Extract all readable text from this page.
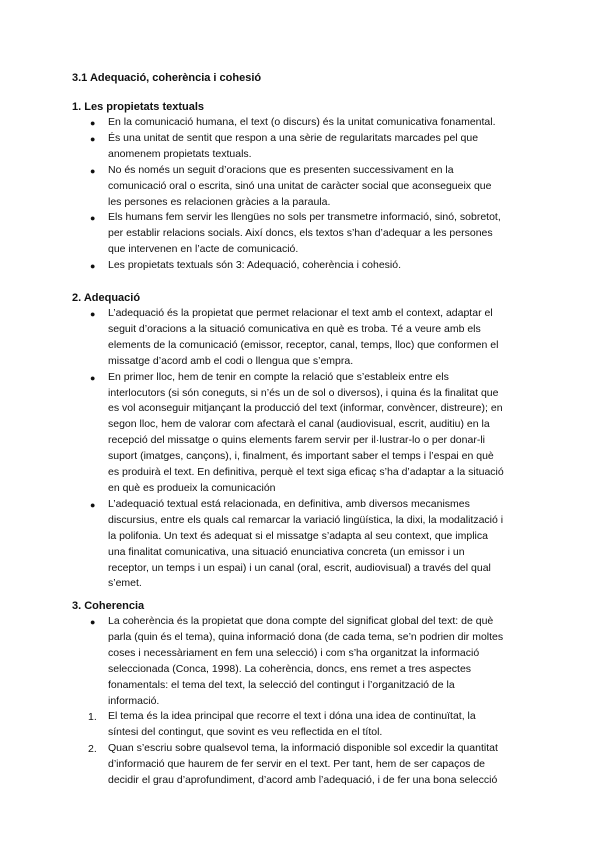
3.1 Adequació, coherència i cohesió
1. Les propietats textuals
● En la comunicació humana, el text (o discurs) és la unitat comunicativa fonamental.
● És una unitat de sentit que respon a una sèrie de regularitats marcades pel que
anomenem propietats textuals.
● No és només un seguit d’oracions que es presenten successivament en la
comunicació oral o escrita, sinó una unitat de caràcter social que aconsegueix que
les persones es relacionen gràcies a la paraula.
● Els humans fem servir les llengües no sols per transmetre informació, sinó, sobretot,
per establir relacions socials. Així doncs, els textos s’han d’adequar a les persones
que intervenen en l’acte de comunicació.
● Les propietats textuals són 3: Adequació, coherència i cohesió.
2. Adequació
● L’adequació és la propietat que permet relacionar el text amb el context, adaptar el
seguit d’oracions a la situació comunicativa en què es troba. Té a veure amb els
elements de la comunicació (emissor, receptor, canal, temps, lloc) que conformen el
missatge d’acord amb el codi o llengua que s’empra.
● En primer lloc, hem de tenir en compte la relació que s’estableix entre els
interlocutors (si són coneguts, si n’és un de sol o diversos), i quina és la finalitat que
es vol aconseguir mitjançant la producció del text (informar, convèncer, distreure); en
segon lloc, hem de valorar com afectarà el canal (audiovisual, escrit, auditiu) en la
recepció del missatge o quins elements farem servir per il·lustrar-lo o per donar-li
suport (imatges, cançons), i, finalment, és important saber el temps i l’espai en què
es produirà el text. En definitiva, perquè el text siga eficaç s’ha d’adaptar a la situació
en què es produeix la comunicación
● L’adequació textual está relacionada, en definitiva, amb diversos mecanismes
discursius, entre els quals cal remarcar la variació lingüística, la dixi, la modalització i
la polifonia. Un text és adequat si el missatge s’adapta al seu context, que implica
una finalitat comunicativa, una situació enunciativa concreta (un emissor i un
receptor, un temps i un espai) i un canal (oral, escrit, audiovisual) a través del qual
s’emet.
3. Coherencia
● La coherència és la propietat que dona compte del significat global del text: de què
parla (quin és el tema), quina informació dona (de cada tema, se’n podrien dir moltes
coses i necessàriament en fem una selecció) i com s’ha organitzat la informació
seleccionada (Conca, 1998). La coherència, doncs, ens remet a tres aspectes
fonamentals: el tema del text, la selecció del contingut i l’organització de la
informació.
1. El tema és la idea principal que recorre el text i dóna una idea de continuïtat, la
síntesi del contingut, que sovint es veu reflectida en el títol.
2. Quan s’escriu sobre qualsevol tema, la informació disponible sol excedir la quantitat
d’informació que haurem de fer servir en el text. Per tant, hem de ser capaços de
decidir el grau d’aprofundiment, d’acord amb l’adequació, i de fer una bona selecció
